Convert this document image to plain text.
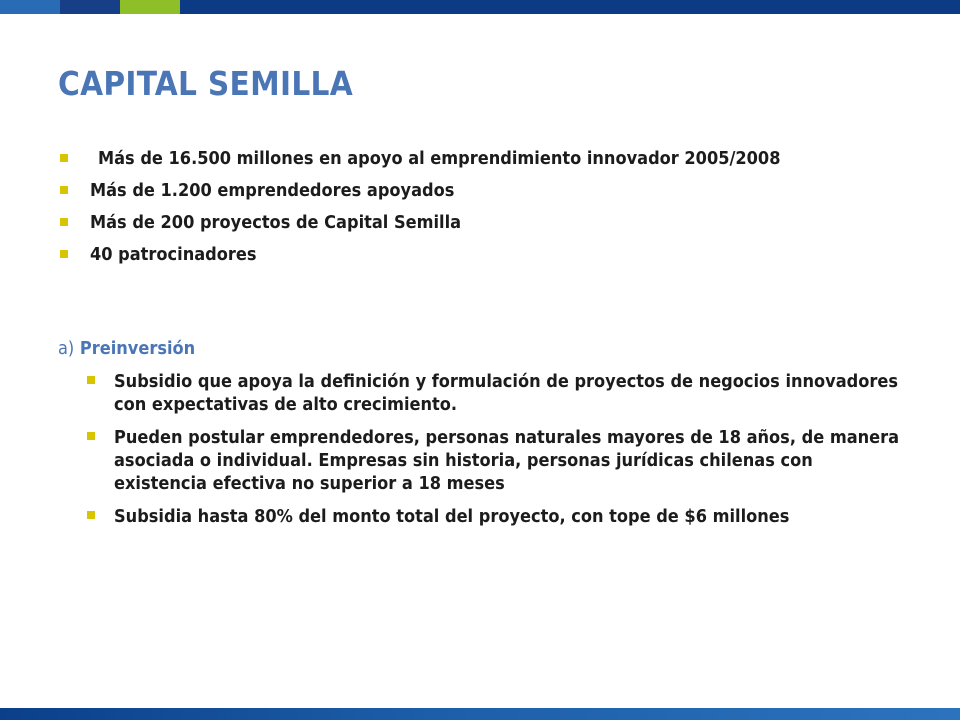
CAPITAL SEMILLA
Más de 16.500 millones en apoyo al emprendimiento innovador 2005/2008
Más de 1.200 emprendedores apoyados
Más de 200 proyectos de Capital Semilla
40 patrocinadores
a) Preinversión
Subsidio que apoya la definición y formulación de proyectos de negocios innovadores con expectativas de alto crecimiento.
Pueden postular emprendedores, personas naturales mayores de 18 años, de manera asociada o individual. Empresas sin historia, personas jurídicas chilenas con existencia efectiva no superior a 18 meses
Subsidia hasta 80% del monto total del proyecto, con tope de $6 millones
